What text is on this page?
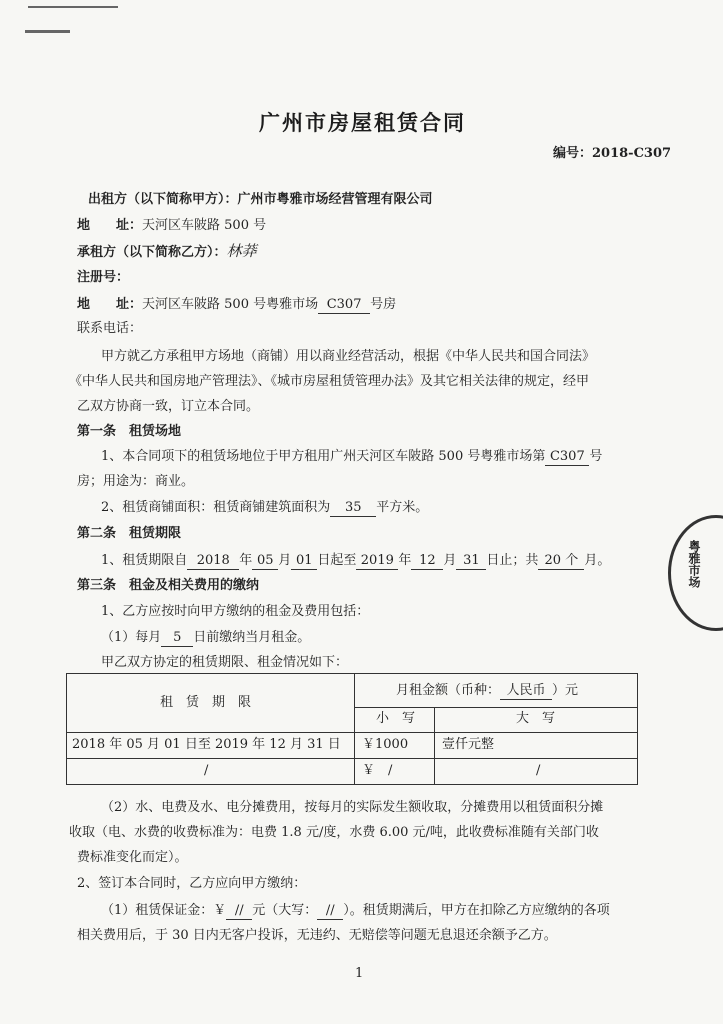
广州市房屋租赁合同
编号：2018-C307
出租方（以下简称甲方）：广州市粤雅市场经营管理有限公司
地　　址：天河区车陂路 500 号
承租方（以下简称乙方）：林莽
注册号：
地　　址：天河区车陂路 500 号粤雅市场 C307 号房
联系电话：
甲方就乙方承租甲方场地（商铺）用以商业经营活动，根据《中华人民共和国合同法》
《中华人民共和国房地产管理法》、《城市房屋租赁管理办法》及其它相关法律的规定，经甲
乙双方协商一致，订立本合同。
第一条　租赁场地
1、本合同项下的租赁场地位于甲方租用广州天河区车陂路 500 号粤雅市场第 C307 号
房；用途为：商业。
2、租赁商铺面积：租赁商铺建筑面积为 35 平方米。
第二条　租赁期限
1、租赁期限自 2018 年 05 月 01 日起至 2019 年 12 月 31 日止；共 20 个 月。
第三条　租金及相关费用的缴纳
1、乙方应按时向甲方缴纳的租金及费用包括：
（1）每月 5 日前缴纳当月租金。
甲乙双方协定的租赁期限、租金情况如下：
租　赁　期　限
月租金额（币种： 人民币 ）元
小　写	大　写
2018 年 05 月 01 日至 2019 年 12 月 31 日 ￥1000	壹仟元整
/	￥　/	/
（2）水、电费及水、电分摊费用，按每月的实际发生额收取，分摊费用以租赁面积分摊
收取（电、水费的收费标准为：电费 1.8 元/度，水费 6.00 元/吨，此收费标准随有关部门收
费标准变化而定）。
2、签订本合同时，乙方应向甲方缴纳：
（1）租赁保证金：￥ // 元（大写： // ）。租赁期满后，甲方在扣除乙方应缴纳的各项
相关费用后，于 30 日内无客户投诉，无违约、无赔偿等问题无息退还余额予乙方。
1
粤雅市场
